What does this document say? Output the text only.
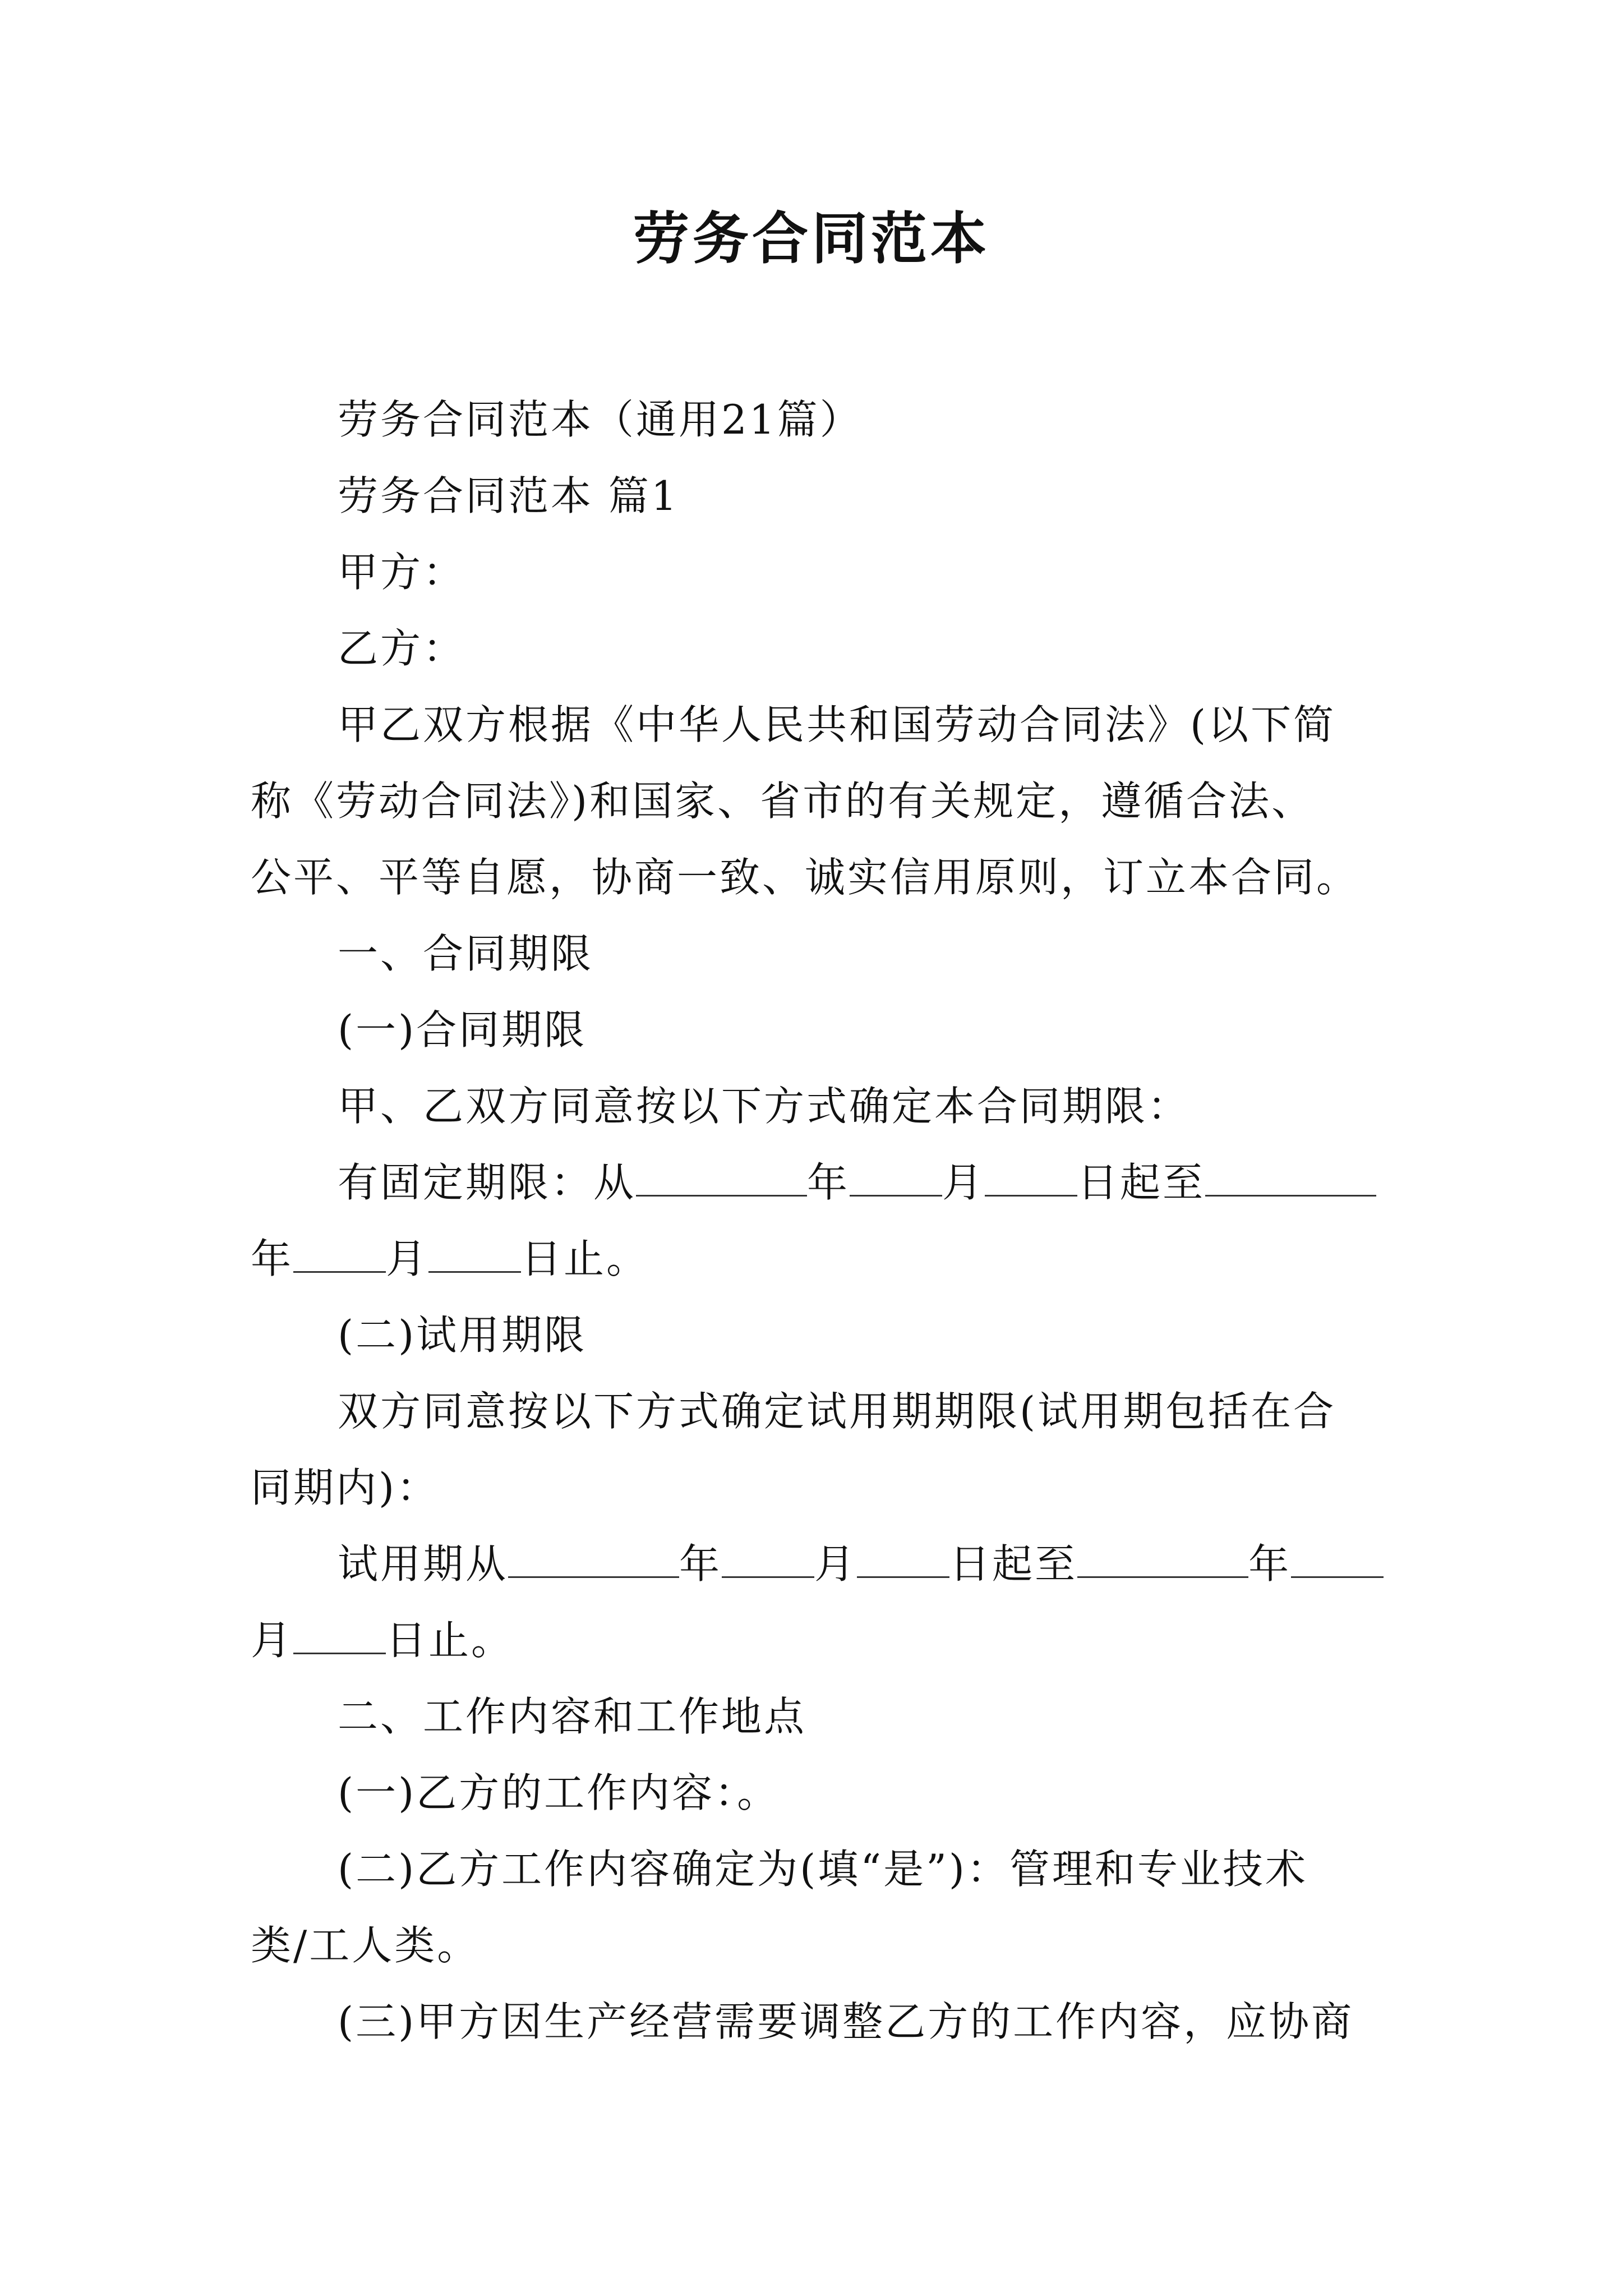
劳务合同范本

劳务合同范本（通用21篇）

劳务合同范本 篇1

甲方：

乙方：

甲乙双方根据《中华人民共和国劳动合同法》(以下简
称《劳动合同法》)和国家、省市的有关规定，遵循合法、
公平、平等自愿，协商一致、诚实信用原则，订立本合同。

一、合同期限

(一)合同期限

甲、乙双方同意按以下方式确定本合同期限：

有固定期限：从	年 月 日起至
年 月 日止。

(二)试用期限

双方同意按以下方式确定试用期期限(试用期包括在合
同期内)：

试用期从	年 月 日起至	年
月 日止。

二、工作内容和工作地点

(一)乙方的工作内容：。

(二)乙方工作内容确定为(填“是”)：管理和专业技术
类/工人类。

(三)甲方因生产经营需要调整乙方的工作内容，应协商
